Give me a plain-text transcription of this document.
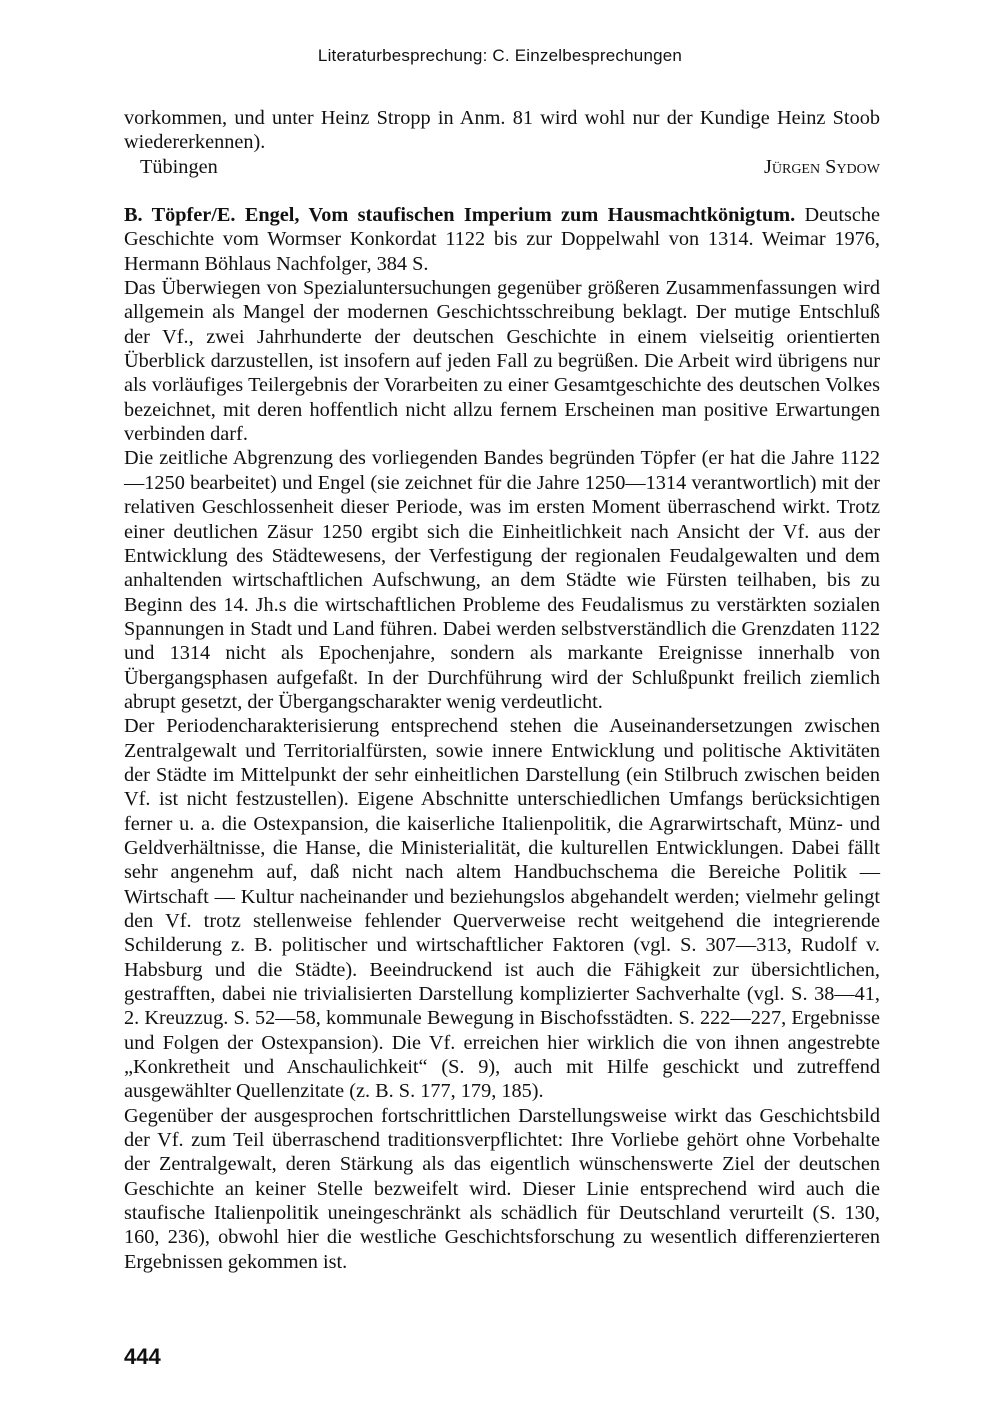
Literaturbesprechung: C. Einzelbesprechungen

vorkommen, und unter Heinz Stropp in Anm. 81 wird wohl nur der Kundige Heinz Stoob wiedererkennen).

Tübingen	Jürgen Sydow

B. Töpfer/E. Engel, Vom staufischen Imperium zum Hausmachtkönigtum. Deutsche Geschichte vom Wormser Konkordat 1122 bis zur Doppelwahl von 1314. Weimar 1976, Hermann Böhlaus Nachfolger, 384 S.

Das Überwiegen von Spezialuntersuchungen gegenüber größeren Zusammenfassungen wird allgemein als Mangel der modernen Geschichtsschreibung beklagt. Der mutige Entschluß der Vf., zwei Jahrhunderte der deutschen Geschichte in einem vielseitig orientierten Überblick darzustellen, ist insofern auf jeden Fall zu begrüßen. Die Arbeit wird übrigens nur als vorläufiges Teilergebnis der Vorarbeiten zu einer Gesamtgeschichte des deutschen Volkes bezeichnet, mit deren hoffentlich nicht allzu fernem Erscheinen man positive Erwartungen verbinden darf.

Die zeitliche Abgrenzung des vorliegenden Bandes begründen Töpfer (er hat die Jahre 1122—1250 bearbeitet) und Engel (sie zeichnet für die Jahre 1250—1314 verantwortlich) mit der relativen Geschlossenheit dieser Periode, was im ersten Moment überraschend wirkt. Trotz einer deutlichen Zäsur 1250 ergibt sich die Einheitlichkeit nach Ansicht der Vf. aus der Entwicklung des Städtewesens, der Verfestigung der regionalen Feudalgewalten und dem anhaltenden wirtschaftlichen Aufschwung, an dem Städte wie Fürsten teilhaben, bis zu Beginn des 14. Jh.s die wirtschaftlichen Probleme des Feudalismus zu verstärkten sozialen Spannungen in Stadt und Land führen. Dabei werden selbstverständlich die Grenzdaten 1122 und 1314 nicht als Epochenjahre, sondern als markante Ereignisse innerhalb von Übergangsphasen aufgefaßt. In der Durchführung wird der Schlußpunkt freilich ziemlich abrupt gesetzt, der Übergangscharakter wenig verdeutlicht.

Der Periodencharakterisierung entsprechend stehen die Auseinandersetzungen zwischen Zentralgewalt und Territorialfürsten, sowie innere Entwicklung und politische Aktivitäten der Städte im Mittelpunkt der sehr einheitlichen Darstellung (ein Stilbruch zwischen beiden Vf. ist nicht festzustellen). Eigene Abschnitte unterschiedlichen Umfangs berücksichtigen ferner u. a. die Ostexpansion, die kaiserliche Italienpolitik, die Agrarwirtschaft, Münz- und Geldverhältnisse, die Hanse, die Ministerialität, die kulturellen Entwicklungen. Dabei fällt sehr angenehm auf, daß nicht nach altem Handbuchschema die Bereiche Politik — Wirtschaft — Kultur nacheinander und beziehungslos abgehandelt werden; vielmehr gelingt den Vf. trotz stellenweise fehlender Querverweise recht weitgehend die integrierende Schilderung z. B. politischer und wirtschaftlicher Faktoren (vgl. S. 307—313, Rudolf v. Habsburg und die Städte). Beeindruckend ist auch die Fähigkeit zur übersichtlichen, gestrafften, dabei nie trivialisierten Darstellung komplizierter Sachverhalte (vgl. S. 38—41, 2. Kreuzzug. S. 52—58, kommunale Bewegung in Bischofsstädten. S. 222—227, Ergebnisse und Folgen der Ostexpansion). Die Vf. erreichen hier wirklich die von ihnen angestrebte „Konkretheit und Anschaulichkeit“ (S. 9), auch mit Hilfe geschickt und zutreffend ausgewählter Quellenzitate (z. B. S. 177, 179, 185).

Gegenüber der ausgesprochen fortschrittlichen Darstellungsweise wirkt das Geschichtsbild der Vf. zum Teil überraschend traditionsverpflichtet: Ihre Vorliebe gehört ohne Vorbehalte der Zentralgewalt, deren Stärkung als das eigentlich wünschenswerte Ziel der deutschen Geschichte an keiner Stelle bezweifelt wird. Dieser Linie entsprechend wird auch die staufische Italienpolitik uneingeschränkt als schädlich für Deutschland verurteilt (S. 130, 160, 236), obwohl hier die westliche Geschichtsforschung zu wesentlich differenzierteren Ergebnissen gekommen ist.

444
